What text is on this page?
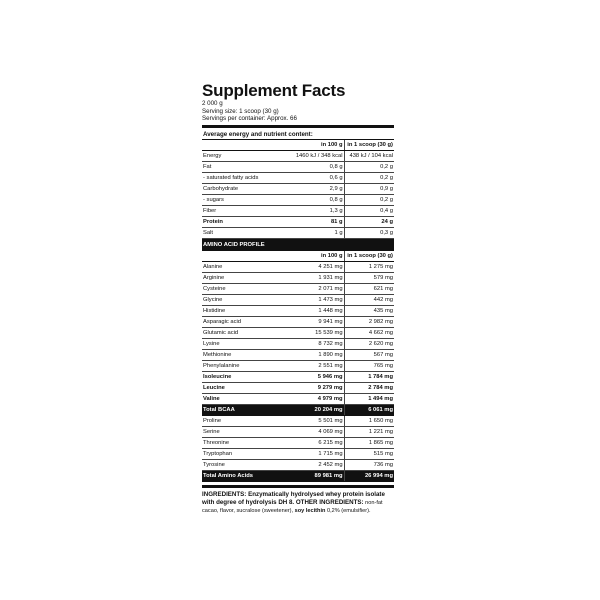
Supplement Facts
2 000 g
Serving size: 1 scoop (30 g)
Servings per container: Approx. 66
Average energy and nutrient content:
	in 100 g	in 1 scoop (30 g)
Energy	1460 kJ / 348 kcal	438 kJ / 104 kcal
Fat	0,8 g	0,2 g
- saturated fatty acids	0,6 g	0,2 g
Carbohydrate	2,9 g	0,9 g
- sugars	0,8 g	0,2 g
Fiber	1,3 g	0,4 g
Protein	81 g	24 g
Salt	1 g	0,3 g
AMINO ACID PROFILE		
	in 100 g	in 1 scoop (30 g)
Alanine	4 251 mg	1 275 mg
Arginine	1 931 mg	579 mg
Cysteine	2 071 mg	621 mg
Glycine	1 473 mg	442 mg
Histidine	1 448 mg	435 mg
Asparagic acid	9 941 mg	2 982 mg
Glutamic acid	15 539 mg	4 662 mg
Lysine	8 732 mg	2 620 mg
Methionine	1 890 mg	567 mg
Phenylalanine	2 551 mg	765 mg
Isoleucine	5 946 mg	1 784 mg
Leucine	9 279 mg	2 784 mg
Valine	4 979 mg	1 494 mg
Total BCAA	20 204 mg	6 061 mg
Proline	5 501 mg	1 650 mg
Serine	4 069 mg	1 221 mg
Threonine	6 215 mg	1 865 mg
Tryptophan	1 715 mg	515 mg
Tyrosine	2 452 mg	736 mg
Total Amino Acids	89 981 mg	26 994 mg
INGREDIENTS: Enzymatically hydrolysed whey protein isolate
with degree of hydrolysis DH 8. OTHER INGREDIENTS: non-fat
cacao, flavor, sucralose (sweetener), soy lecithin 0,2% (emulsifier).
